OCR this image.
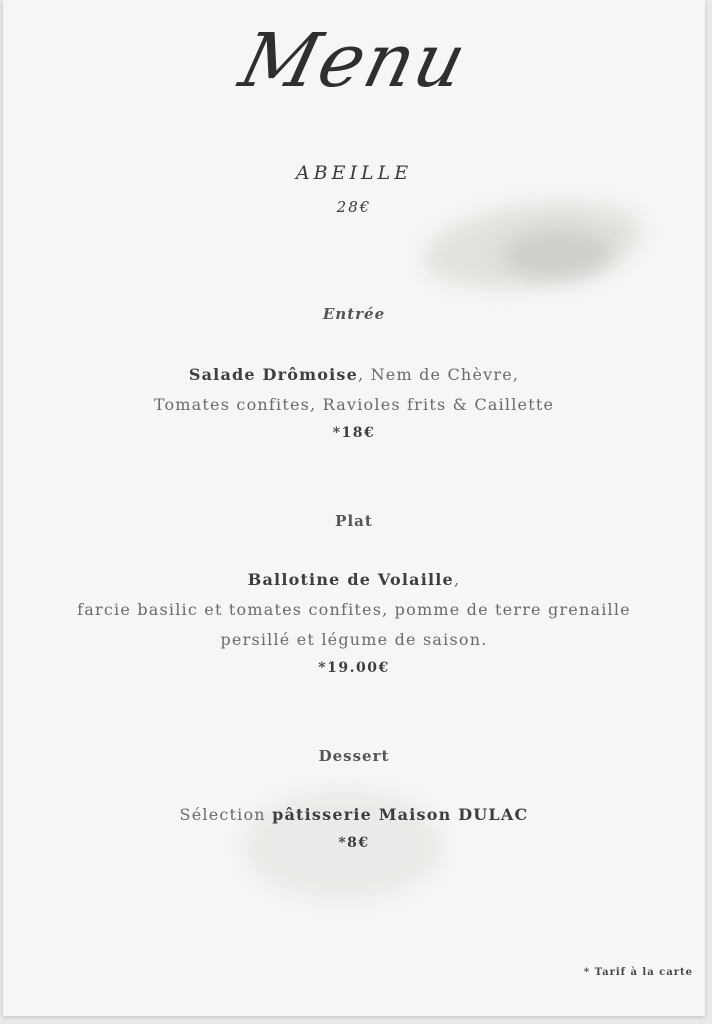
Menu
ABEILLE
28€
Entrée
Salade Drômoise, Nem de Chèvre,
Tomates confites, Ravioles frits & Caillette
*18€
Plat
Ballotine de Volaille,
farcie basilic et tomates confites, pomme de terre grenaille
persillé et légume de saison.
*19.00€
Dessert
Sélection pâtisserie Maison DULAC
*8€
* Tarif à la carte
